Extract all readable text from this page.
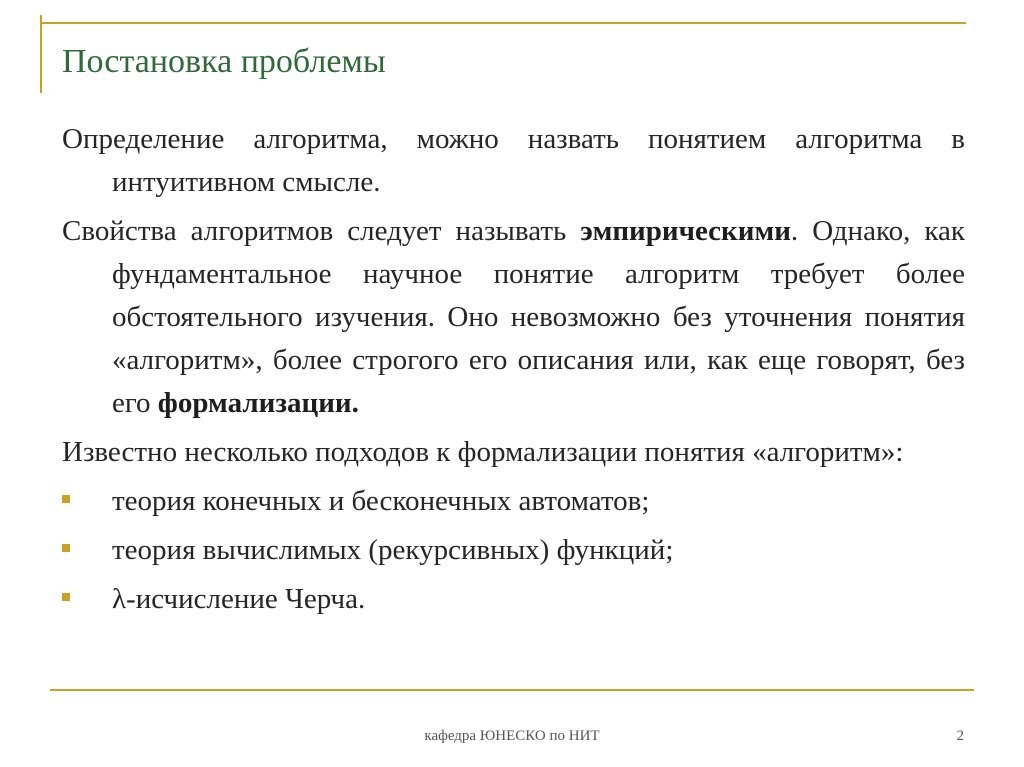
Постановка проблемы

Определение алгоритма, можно назвать понятием алгоритма в интуитивном смысле.

Свойства алгоритмов следует называть эмпирическими. Однако, как фундаментальное научное понятие алгоритм требует более обстоятельного изучения. Оно невозможно без уточнения понятия «алгоритм», более строгого его описания или, как еще говорят, без его формализации.

Известно несколько подходов к формализации понятия «алгоритм»:

теория конечных и бесконечных автоматов;
теория вычислимых (рекурсивных) функций;
λ-исчисление Черча.
кафедра ЮНЕСКО по НИТ	2
